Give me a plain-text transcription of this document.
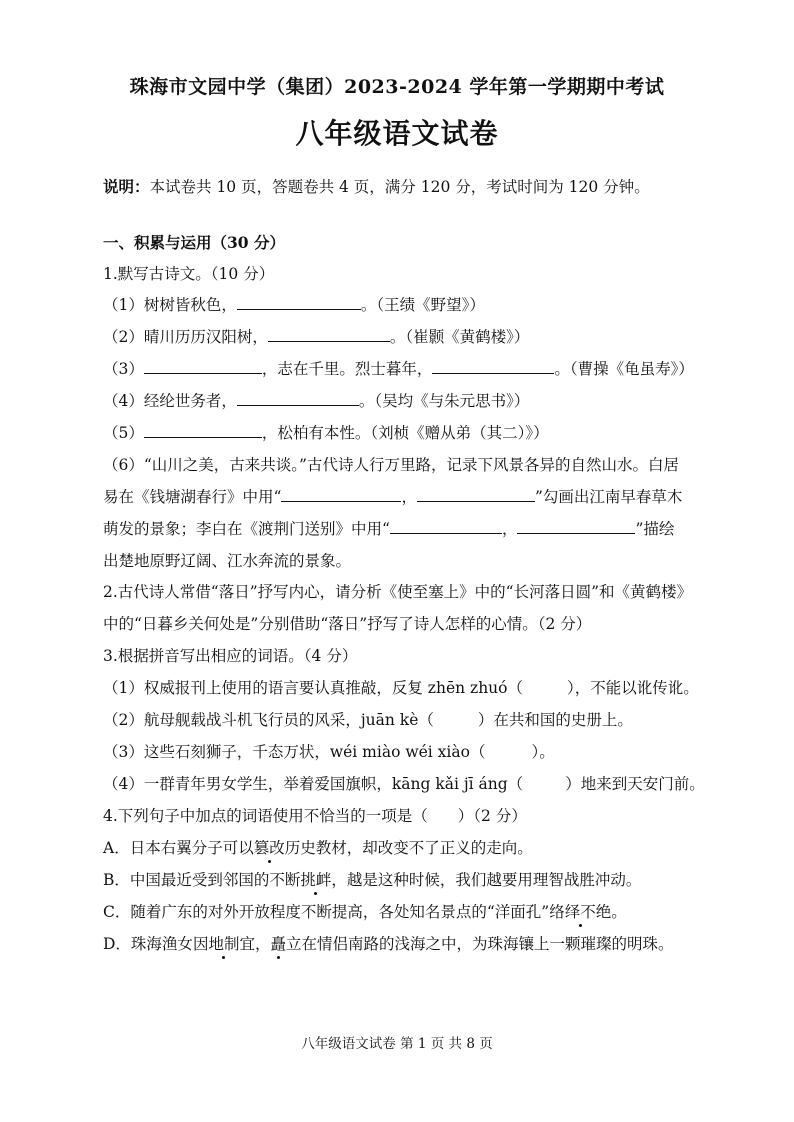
珠海市文园中学（集团）2023-2024 学年第一学期期中考试
八年级语文试卷
说明：本试卷共 10 页，答题卷共 4 页，满分 120 分，考试时间为 120 分钟。
一、积累与运用（30 分）
1.默写古诗文。（10 分）
（1）树树皆秋色，	。（王绩《野望》）
（2）晴川历历汉阳树，	。（崔颢《黄鹤楼》）
（3）	，志在千里。烈士暮年，	。（曹操《龟虽寿》）
（4）经纶世务者，	。（吴均《与朱元思书》）
（5）	，松柏有本性。（刘桢《赠从弟（其二）》）
（6）“山川之美，古来共谈。”古代诗人行万里路，记录下风景各异的自然山水。白居
易在《钱塘湖春行》中用“	，	”勾画出江南早春草木
萌发的景象；李白在《渡荆门送别》中用“	，	”描绘
出楚地原野辽阔、江水奔流的景象。
2.古代诗人常借“落日”抒写内心，请分析《使至塞上》中的“长河落日圆”和《黄鹤楼》
中的“日暮乡关何处是”分别借助“落日”抒写了诗人怎样的心情。（2 分）
3.根据拼音写出相应的词语。（4 分）
（1）权威报刊上使用的语言要认真推敲，反复 zhēn zhuó（	），不能以讹传讹。
（2）航母舰载战斗机飞行员的风采，juān kè（	）在共和国的史册上。
（3）这些石刻狮子，千态万状，wéi miào wéi xiào（	）。
（4）一群青年男女学生，举着爱国旗帜，kāng kǎi jī áng（	）地来到天安门前。
4.下列句子中加点的词语使用不恰当的一项是（ ）（2 分）
A．日本右翼分子可以篡改历史教材，却改变不了正义的走向。
B．中国最近受到邻国的不断挑衅，越是这种时候，我们越要用理智战胜冲动。
C．随着广东的对外开放程度不断提高，各处知名景点的“洋面孔”络绎不绝。
D．珠海渔女因地制宜，矗立在情侣南路的浅海之中，为珠海镶上一颗璀璨的明珠。
八年级语文试卷 第 1 页 共 8 页
